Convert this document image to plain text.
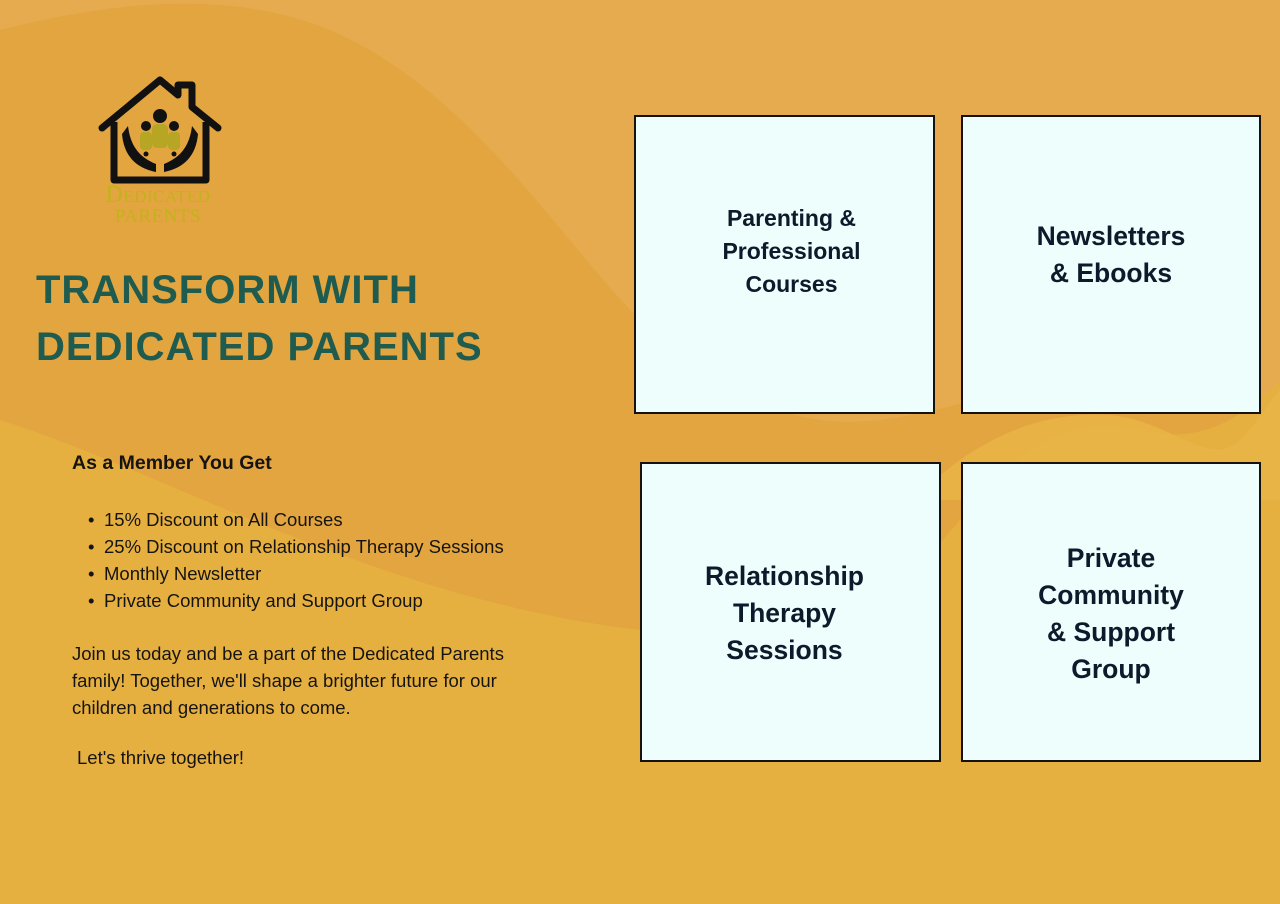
Dedicated
PARENTS
TRANSFORM WITH
DEDICATED PARENTS
As a Member You Get
• 15% Discount on All Courses
• 25% Discount on Relationship Therapy Sessions
• Monthly Newsletter
• Private Community and Support Group
Join us today and be a part of the Dedicated Parents
family! Together, we'll shape a brighter future for our
children and generations to come.
Let's thrive together!
Parenting &
Professional
Courses
Newsletters
& Ebooks
Relationship
Therapy
Sessions
Private
Community
& Support
Group
